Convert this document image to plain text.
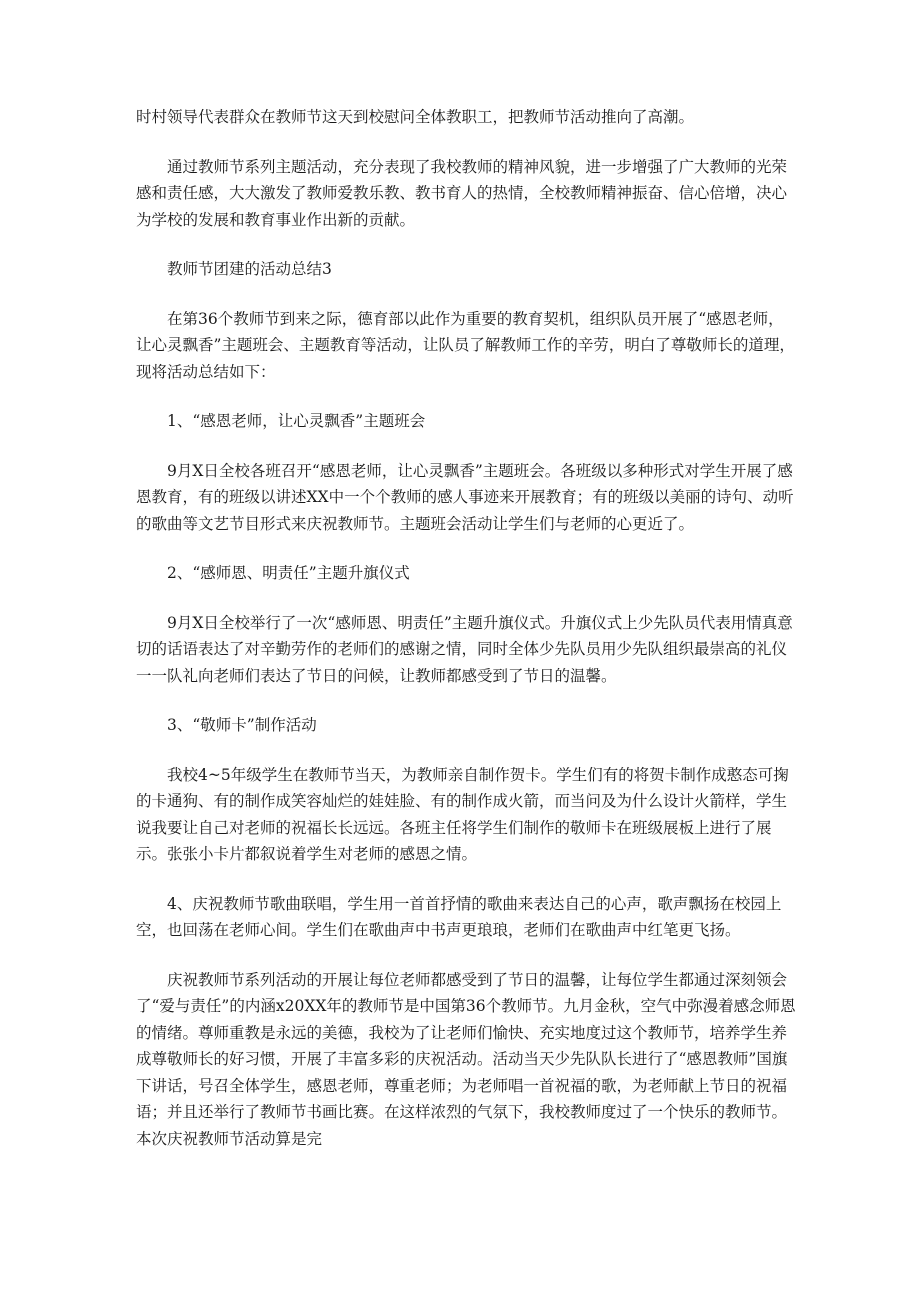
时村领导代表群众在教师节这天到校慰问全体教职工，把教师节活动推向了高潮。

通过教师节系列主题活动，充分表现了我校教师的精神风貌，进一步增强了广大教师的光荣感和责任感，大大激发了教师爱教乐教、教书育人的热情，全校教师精神振奋、信心倍增，决心为学校的发展和教育事业作出新的贡献。

教师节团建的活动总结3

在第36个教师节到来之际，德育部以此作为重要的教育契机，组织队员开展了“感恩老师，让心灵飘香”主题班会、主题教育等活动，让队员了解教师工作的辛劳，明白了尊敬师长的道理，现将活动总结如下：

1、“感恩老师，让心灵飘香”主题班会

9月X日全校各班召开“感恩老师，让心灵飘香”主题班会。各班级以多种形式对学生开展了感恩教育，有的班级以讲述XX中一个个教师的感人事迹来开展教育；有的班级以美丽的诗句、动听的歌曲等文艺节目形式来庆祝教师节。主题班会活动让学生们与老师的心更近了。

2、“感师恩、明责任”主题升旗仪式

9月X日全校举行了一次“感师恩、明责任”主题升旗仪式。升旗仪式上少先队员代表用情真意切的话语表达了对辛勤劳作的老师们的感谢之情，同时全体少先队员用少先队组织最崇高的礼仪一一队礼向老师们表达了节日的问候，让教师都感受到了节日的温馨。

3、“敬师卡”制作活动

我校4~5年级学生在教师节当天，为教师亲自制作贺卡。学生们有的将贺卡制作成憨态可掬的卡通狗、有的制作成笑容灿烂的娃娃脸、有的制作成火箭，而当问及为什么设计火箭样，学生说我要让自己对老师的祝福长长远远。各班主任将学生们制作的敬师卡在班级展板上进行了展示。张张小卡片都叙说着学生对老师的感恩之情。

4、庆祝教师节歌曲联唱，学生用一首首抒情的歌曲来表达自己的心声，歌声飘扬在校园上空，也回荡在老师心间。学生们在歌曲声中书声更琅琅，老师们在歌曲声中红笔更飞扬。

庆祝教师节系列活动的开展让每位老师都感受到了节日的温馨，让每位学生都通过深刻领会了“爱与责任”的内涵x20XX年的教师节是中国第36个教师节。九月金秋，空气中弥漫着感念师恩的情绪。尊师重教是永远的美德，我校为了让老师们愉快、充实地度过这个教师节，培养学生养成尊敬师长的好习惯，开展了丰富多彩的庆祝活动。活动当天少先队队长进行了“感恩教师”国旗下讲话，号召全体学生，感恩老师，尊重老师；为老师唱一首祝福的歌，为老师献上节日的祝福语；并且还举行了教师节书画比赛。在这样浓烈的气氛下，我校教师度过了一个快乐的教师节。本次庆祝教师节活动算是完
